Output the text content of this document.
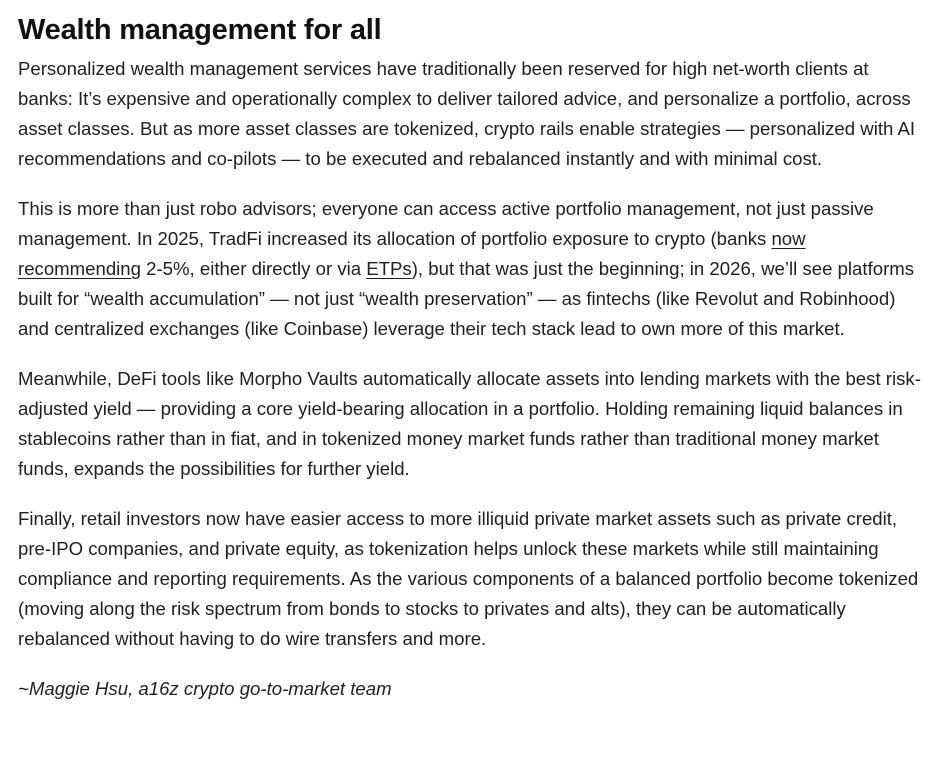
Wealth management for all

Personalized wealth management services have traditionally been reserved for high net-worth clients at banks: It’s expensive and operationally complex to deliver tailored advice, and personalize a portfolio, across asset classes. But as more asset classes are tokenized, crypto rails enable strategies — personalized with AI recommendations and co-pilots — to be executed and rebalanced instantly and with minimal cost.

This is more than just robo advisors; everyone can access active portfolio management, not just passive management. In 2025, TradFi increased its allocation of portfolio exposure to crypto (banks now recommending 2-5%, either directly or via ETPs), but that was just the beginning; in 2026, we’ll see platforms built for “wealth accumulation” — not just “wealth preservation” — as fintechs (like Revolut and Robinhood) and centralized exchanges (like Coinbase) leverage their tech stack lead to own more of this market.

Meanwhile, DeFi tools like Morpho Vaults automatically allocate assets into lending markets with the best risk-adjusted yield — providing a core yield-bearing allocation in a portfolio. Holding remaining liquid balances in stablecoins rather than in fiat, and in tokenized money market funds rather than traditional money market funds, expands the possibilities for further yield.

Finally, retail investors now have easier access to more illiquid private market assets such as private credit, pre-IPO companies, and private equity, as tokenization helps unlock these markets while still maintaining compliance and reporting requirements. As the various components of a balanced portfolio become tokenized (moving along the risk spectrum from bonds to stocks to privates and alts), they can be automatically rebalanced without having to do wire transfers and more.

~Maggie Hsu, a16z crypto go-to-market team
